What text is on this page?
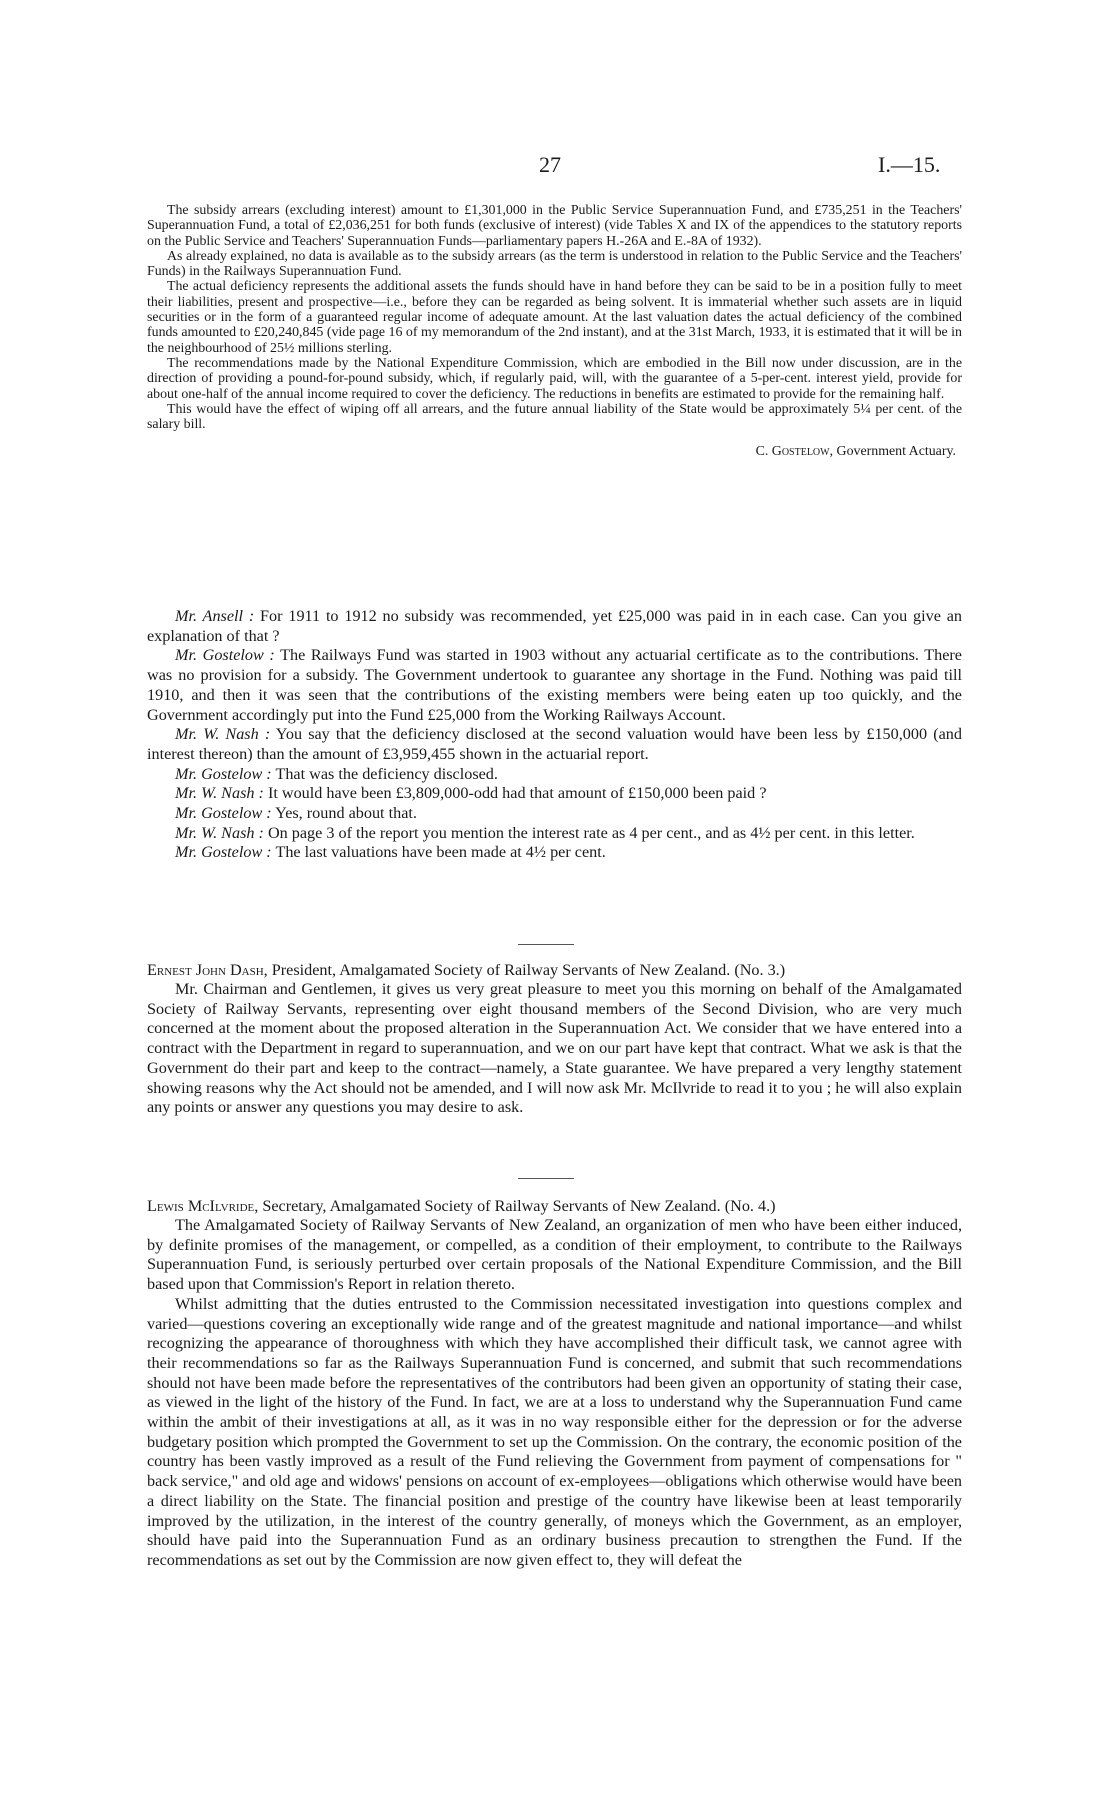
27	I.—15.

The subsidy arrears (excluding interest) amount to £1,301,000 in the Public Service Superannuation Fund, and £735,251 in the Teachers' Superannuation Fund, a total of £2,036,251 for both funds (exclusive of interest) (vide Tables X and IX of the appendices to the statutory reports on the Public Service and Teachers' Superannuation Funds—parliamentary papers H.-26A and E.-8A of 1932).

As already explained, no data is available as to the subsidy arrears (as the term is understood in relation to the Public Service and the Teachers' Funds) in the Railways Superannuation Fund.

The actual deficiency represents the additional assets the funds should have in hand before they can be said to be in a position fully to meet their liabilities, present and prospective—i.e., before they can be regarded as being solvent. It is immaterial whether such assets are in liquid securities or in the form of a guaranteed regular income of adequate amount. At the last valuation dates the actual deficiency of the combined funds amounted to £20,240,845 (vide page 16 of my memorandum of the 2nd instant), and at the 31st March, 1933, it is estimated that it will be in the neighbourhood of 25½ millions sterling.

The recommendations made by the National Expenditure Commission, which are embodied in the Bill now under discussion, are in the direction of providing a pound-for-pound subsidy, which, if regularly paid, will, with the guarantee of a 5-per-cent. interest yield, provide for about one-half of the annual income required to cover the deficiency. The reductions in benefits are estimated to provide for the remaining half.

This would have the effect of wiping off all arrears, and the future annual liability of the State would be approximately 5¼ per cent. of the salary bill.

C. Gostelow, Government Actuary.

Mr. Ansell : For 1911 to 1912 no subsidy was recommended, yet £25,000 was paid in in each case. Can you give an explanation of that ?

Mr. Gostelow : The Railways Fund was started in 1903 without any actuarial certificate as to the contributions. There was no provision for a subsidy. The Government undertook to guarantee any shortage in the Fund. Nothing was paid till 1910, and then it was seen that the contributions of the existing members were being eaten up too quickly, and the Government accordingly put into the Fund £25,000 from the Working Railways Account.

Mr. W. Nash : You say that the deficiency disclosed at the second valuation would have been less by £150,000 (and interest thereon) than the amount of £3,959,455 shown in the actuarial report.

Mr. Gostelow : That was the deficiency disclosed.

Mr. W. Nash : It would have been £3,809,000-odd had that amount of £150,000 been paid ?

Mr. Gostelow : Yes, round about that.

Mr. W. Nash : On page 3 of the report you mention the interest rate as 4 per cent., and as 4½ per cent. in this letter.

Mr. Gostelow : The last valuations have been made at 4½ per cent.

Ernest John Dash, President, Amalgamated Society of Railway Servants of New Zealand. (No. 3.)

Mr. Chairman and Gentlemen, it gives us very great pleasure to meet you this morning on behalf of the Amalgamated Society of Railway Servants, representing over eight thousand members of the Second Division, who are very much concerned at the moment about the proposed alteration in the Superannuation Act. We consider that we have entered into a contract with the Department in regard to superannuation, and we on our part have kept that contract. What we ask is that the Government do their part and keep to the contract—namely, a State guarantee. We have prepared a very lengthy statement showing reasons why the Act should not be amended, and I will now ask Mr. McIlvride to read it to you ; he will also explain any points or answer any questions you may desire to ask.

Lewis McIlvride, Secretary, Amalgamated Society of Railway Servants of New Zealand. (No. 4.)

The Amalgamated Society of Railway Servants of New Zealand, an organization of men who have been either induced, by definite promises of the management, or compelled, as a condition of their employment, to contribute to the Railways Superannuation Fund, is seriously perturbed over certain proposals of the National Expenditure Commission, and the Bill based upon that Commission's Report in relation thereto.

Whilst admitting that the duties entrusted to the Commission necessitated investigation into questions complex and varied—questions covering an exceptionally wide range and of the greatest magnitude and national importance—and whilst recognizing the appearance of thoroughness with which they have accomplished their difficult task, we cannot agree with their recommendations so far as the Railways Superannuation Fund is concerned, and submit that such recommendations should not have been made before the representatives of the contributors had been given an opportunity of stating their case, as viewed in the light of the history of the Fund. In fact, we are at a loss to understand why the Superannuation Fund came within the ambit of their investigations at all, as it was in no way responsible either for the depression or for the adverse budgetary position which prompted the Government to set up the Commission. On the contrary, the economic position of the country has been vastly improved as a result of the Fund relieving the Government from payment of compensations for " back service," and old age and widows' pensions on account of ex-employees—obligations which otherwise would have been a direct liability on the State. The financial position and prestige of the country have likewise been at least temporarily improved by the utilization, in the interest of the country generally, of moneys which the Government, as an employer, should have paid into the Superannuation Fund as an ordinary business precaution to strengthen the Fund. If the recommendations as set out by the Commission are now given effect to, they will defeat the
